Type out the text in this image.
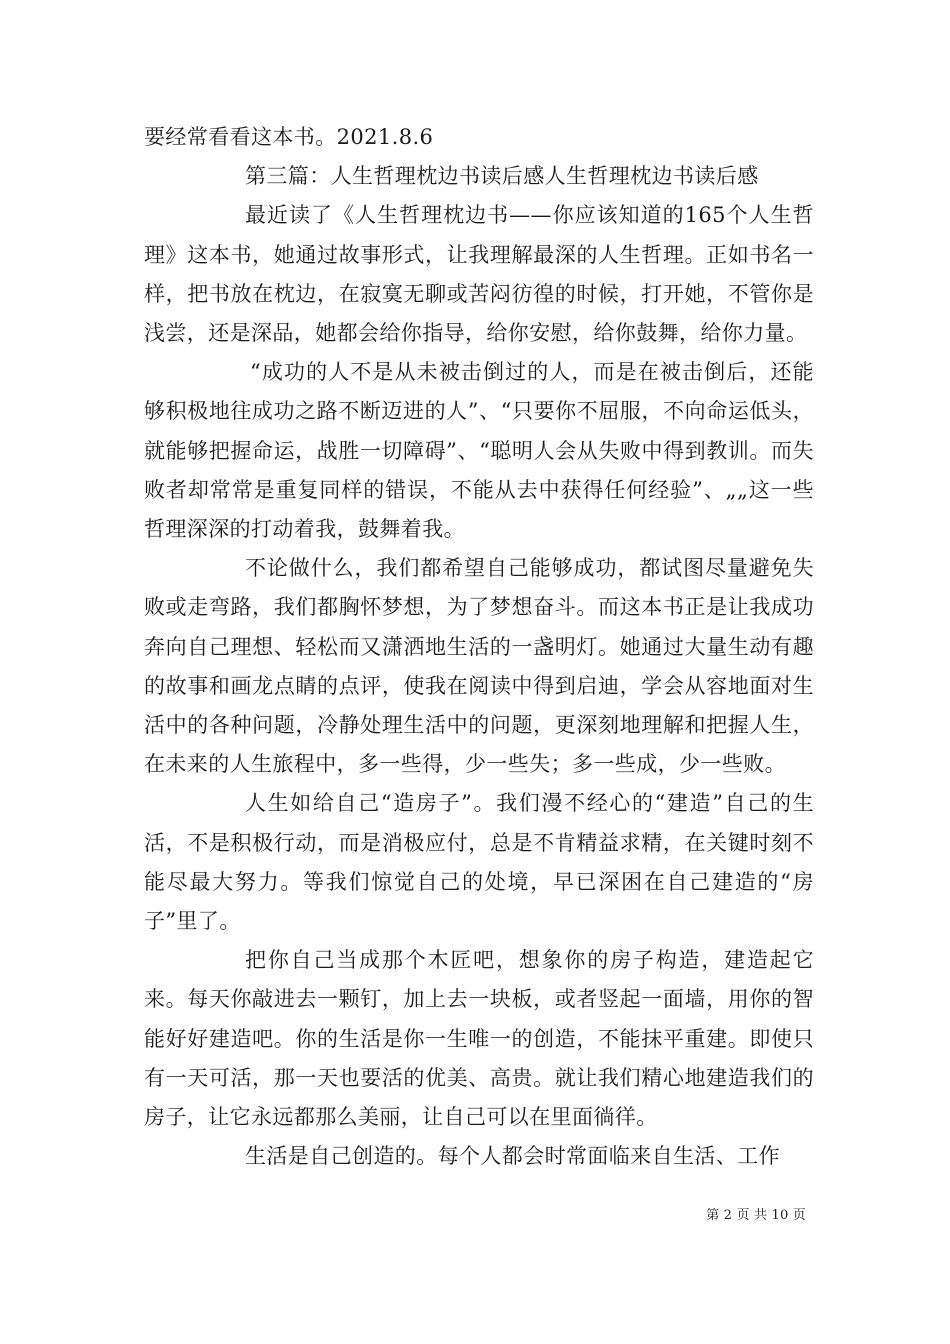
要经常看看这本书。2021.8.6

第三篇：人生哲理枕边书读后感人生哲理枕边书读后感

最近读了《人生哲理枕边书——你应该知道的165个人生哲理》这本书，她通过故事形式，让我理解最深的人生哲理。正如书名一样，把书放在枕边，在寂寞无聊或苦闷彷徨的时候，打开她，不管你是浅尝，还是深品，她都会给你指导，给你安慰，给你鼓舞，给你力量。

“成功的人不是从未被击倒过的人，而是在被击倒后，还能够积极地往成功之路不断迈进的人”、“只要你不屈服，不向命运低头，就能够把握命运，战胜一切障碍”、“聪明人会从失败中得到教训。而失败者却常常是重复同样的错误，不能从去中获得任何经验”、„„这一些哲理深深的打动着我，鼓舞着我。

不论做什么，我们都希望自己能够成功，都试图尽量避免失败或走弯路，我们都胸怀梦想，为了梦想奋斗。而这本书正是让我成功奔向自己理想、轻松而又潇洒地生活的一盏明灯。她通过大量生动有趣的故事和画龙点睛的点评，使我在阅读中得到启迪，学会从容地面对生活中的各种问题，冷静处理生活中的问题，更深刻地理解和把握人生，在未来的人生旅程中，多一些得，少一些失；多一些成，少一些败。

人生如给自己“造房子”。我们漫不经心的“建造”自己的生活，不是积极行动，而是消极应付，总是不肯精益求精，在关键时刻不能尽最大努力。等我们惊觉自己的处境，早已深困在自己建造的“房子”里了。

把你自己当成那个木匠吧，想象你的房子构造，建造起它来。每天你敲进去一颗钉，加上去一块板，或者竖起一面墙，用你的智能好好建造吧。你的生活是你一生唯一的创造，不能抹平重建。即使只有一天可活，那一天也要活的优美、高贵。就让我们精心地建造我们的房子，让它永远都那么美丽，让自己可以在里面徜徉。

生活是自己创造的。每个人都会时常面临来自生活、工作

第 2 页 共 10 页
